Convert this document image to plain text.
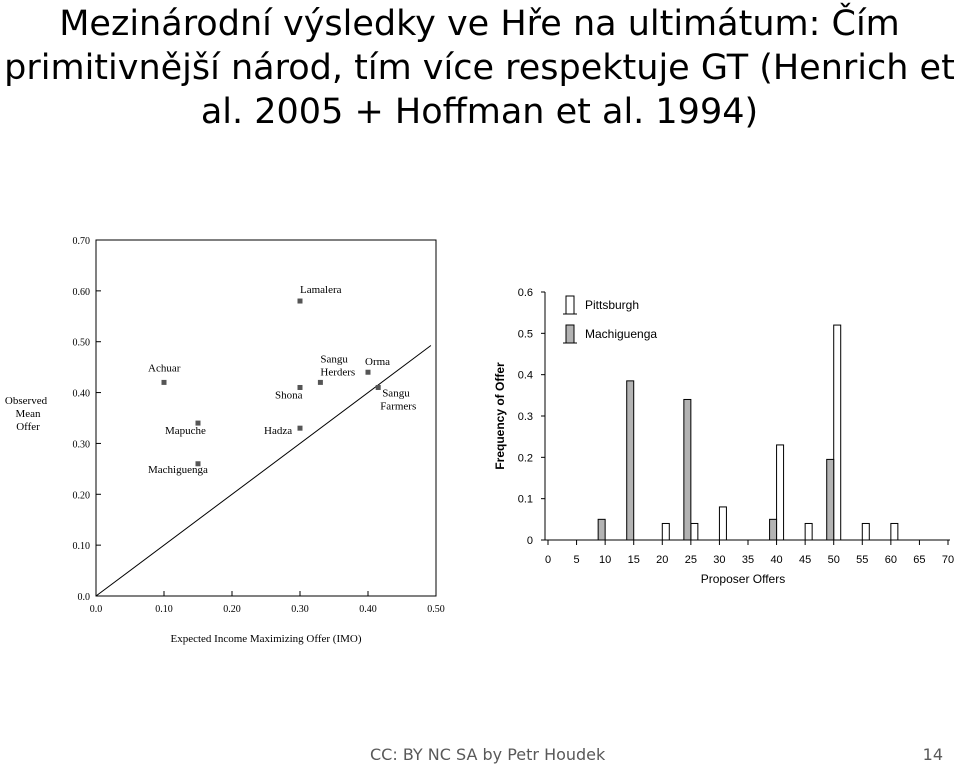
Mezinárodní výsledky ve Hře na ultimátum: Čím primitivnější národ, tím více respektuje GT (Henrich et al. 2005 + Hoffman et al. 1994)
0.0
0.10
0.20
0.30
0.40
0.50
0.60
0.70
0.0	0.10	0.20	0.30	0.40	0.50
Lamalera
Achuar
Sangu
Herders
Orma
Shona	Sangu
Farmers
Mapuche	Hadza
Machiguenga
Expected Income Maximizing Offer (IMO)
Observed
Mean
Offer
0
0.1
0.2
0.3
0.4
0.5
0.6
0 5 10 15 20 25 30 35 40 45 50 55 60 65 70
Pittsburgh
Machiguenga
Proposer Offers
Frequency of Offer
CC: BY NC SA by Petr Houdek	14
